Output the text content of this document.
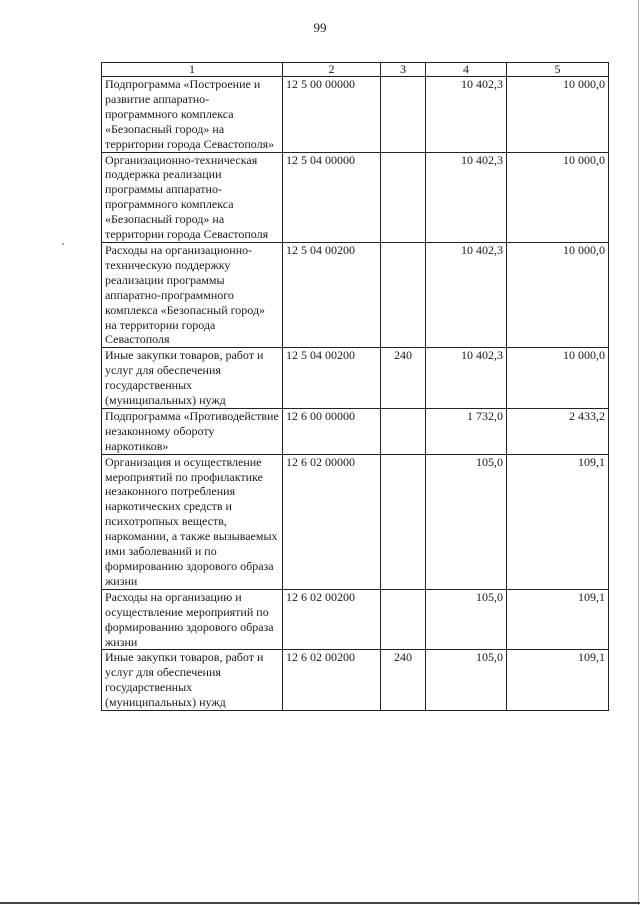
99
1	2	3	4	5
Подпрограмма «Построение и развитие аппаратно-программного комплекса «Безопасный город» на территории города Севастополя»	12 5 00 00000		10 402,3	10 000,0
Организационно-техническая поддержка реализации программы аппаратно-программного комплекса «Безопасный город» на территории города Севастополя	12 5 04 00000		10 402,3	10 000,0
Расходы на организационно-техническую поддержку реализации программы аппаратно-программного комплекса «Безопасный город» на территории города Севастополя	12 5 04 00200		10 402,3	10 000,0
Иные закупки товаров, работ и услуг для обеспечения государственных (муниципальных) нужд	12 5 04 00200	240	10 402,3	10 000,0
Подпрограмма «Противодействие незаконному обороту наркотиков»	12 6 00 00000		1 732,0	2 433,2
Организация и осуществление мероприятий по профилактике незаконного потребления наркотических средств и психотропных веществ, наркомании, а также вызываемых ими заболеваний и по формированию здорового образа жизни	12 6 02 00000		105,0	109,1
Расходы на организацию и осуществление мероприятий по формированию здорового образа жизни	12 6 02 00200		105,0	109,1
Иные закупки товаров, работ и услуг для обеспечения государственных (муниципальных) нужд	12 6 02 00200	240	105,0	109,1
